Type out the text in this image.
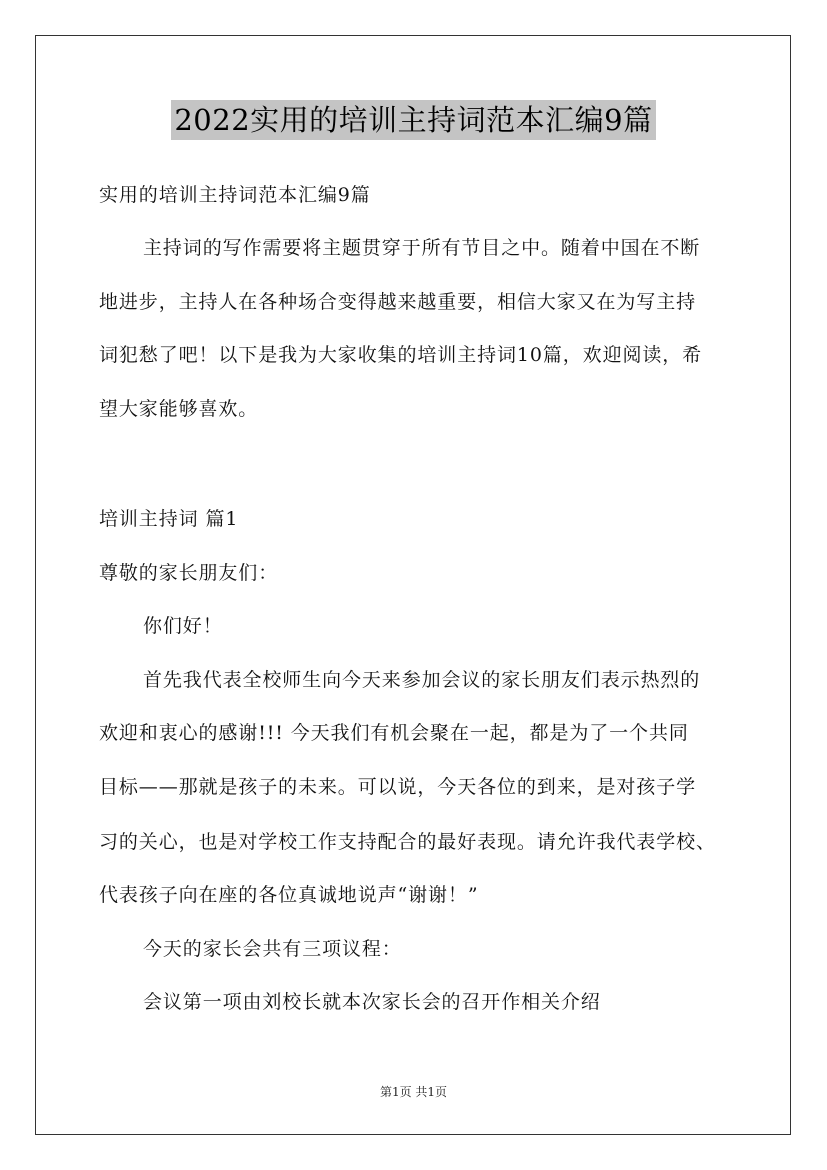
2022实用的培训主持词范本汇编9篇
实用的培训主持词范本汇编9篇
主持词的写作需要将主题贯穿于所有节目之中。随着中国在不断
地进步，主持人在各种场合变得越来越重要，相信大家又在为写主持
词犯愁了吧！以下是我为大家收集的培训主持词10篇，欢迎阅读，希
望大家能够喜欢。
培训主持词 篇1
尊敬的家长朋友们：
你们好！
首先我代表全校师生向今天来参加会议的家长朋友们表示热烈的
欢迎和衷心的感谢!!! 今天我们有机会聚在一起，都是为了一个共同
目标——那就是孩子的未来。可以说，今天各位的到来，是对孩子学
习的关心，也是对学校工作支持配合的最好表现。请允许我代表学校、
代表孩子向在座的各位真诚地说声“谢谢！”
今天的家长会共有三项议程：
会议第一项由刘校长就本次家长会的召开作相关介绍
第1页 共1页
